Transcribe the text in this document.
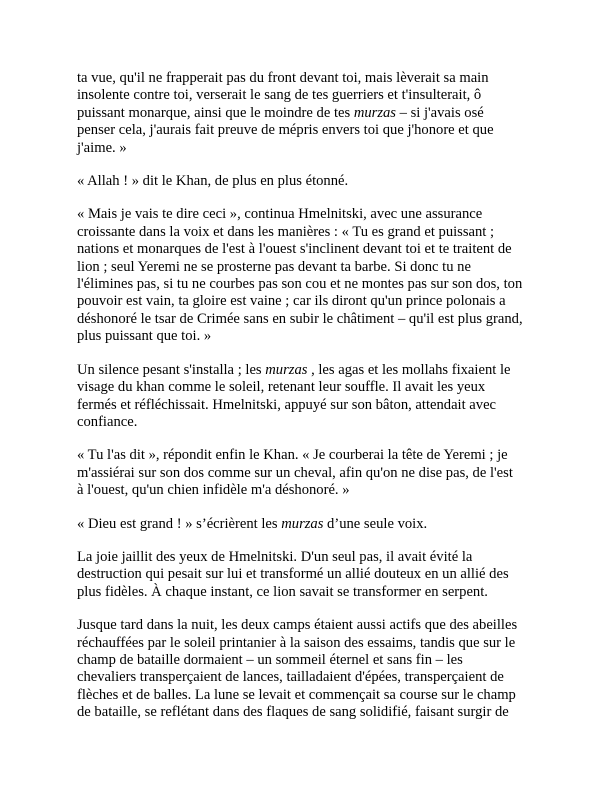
ta vue, qu'il ne frapperait pas du front devant toi, mais lèverait sa main
insolente contre toi, verserait le sang de tes guerriers et t'insulterait, ô
puissant monarque, ainsi que le moindre de tes murzas – si j'avais osé
penser cela, j'aurais fait preuve de mépris envers toi que j'honore et que
j'aime. »

« Allah ! » dit le Khan, de plus en plus étonné.

« Mais je vais te dire ceci », continua Hmelnitski, avec une assurance
croissante dans la voix et dans les manières : « Tu es grand et puissant ;
nations et monarques de l'est à l'ouest s'inclinent devant toi et te traitent de
lion ; seul Yeremi ne se prosterne pas devant ta barbe. Si donc tu ne
l'élimines pas, si tu ne courbes pas son cou et ne montes pas sur son dos, ton
pouvoir est vain, ta gloire est vaine ; car ils diront qu'un prince polonais a
déshonoré le tsar de Crimée sans en subir le châtiment – qu'il est plus grand,
plus puissant que toi. »

Un silence pesant s'installa ; les murzas , les agas et les mollahs fixaient le
visage du khan comme le soleil, retenant leur souffle. Il avait les yeux
fermés et réfléchissait. Hmelnitski, appuyé sur son bâton, attendait avec
confiance.

« Tu l'as dit », répondit enfin le Khan. « Je courberai la tête de Yeremi ; je
m'assiérai sur son dos comme sur un cheval, afin qu'on ne dise pas, de l'est
à l'ouest, qu'un chien infidèle m'a déshonoré. »

« Dieu est grand ! » s’écrièrent les murzas d’une seule voix.

La joie jaillit des yeux de Hmelnitski. D'un seul pas, il avait évité la
destruction qui pesait sur lui et transformé un allié douteux en un allié des
plus fidèles. À chaque instant, ce lion savait se transformer en serpent.

Jusque tard dans la nuit, les deux camps étaient aussi actifs que des abeilles
réchauffées par le soleil printanier à la saison des essaims, tandis que sur le
champ de bataille dormaient – un sommeil éternel et sans fin – les
chevaliers transperçaient de lances, tailladaient d'épées, transperçaient de
flèches et de balles. La lune se levait et commençait sa course sur le champ
de bataille, se reflétant dans des flaques de sang solidifié, faisant surgir de
